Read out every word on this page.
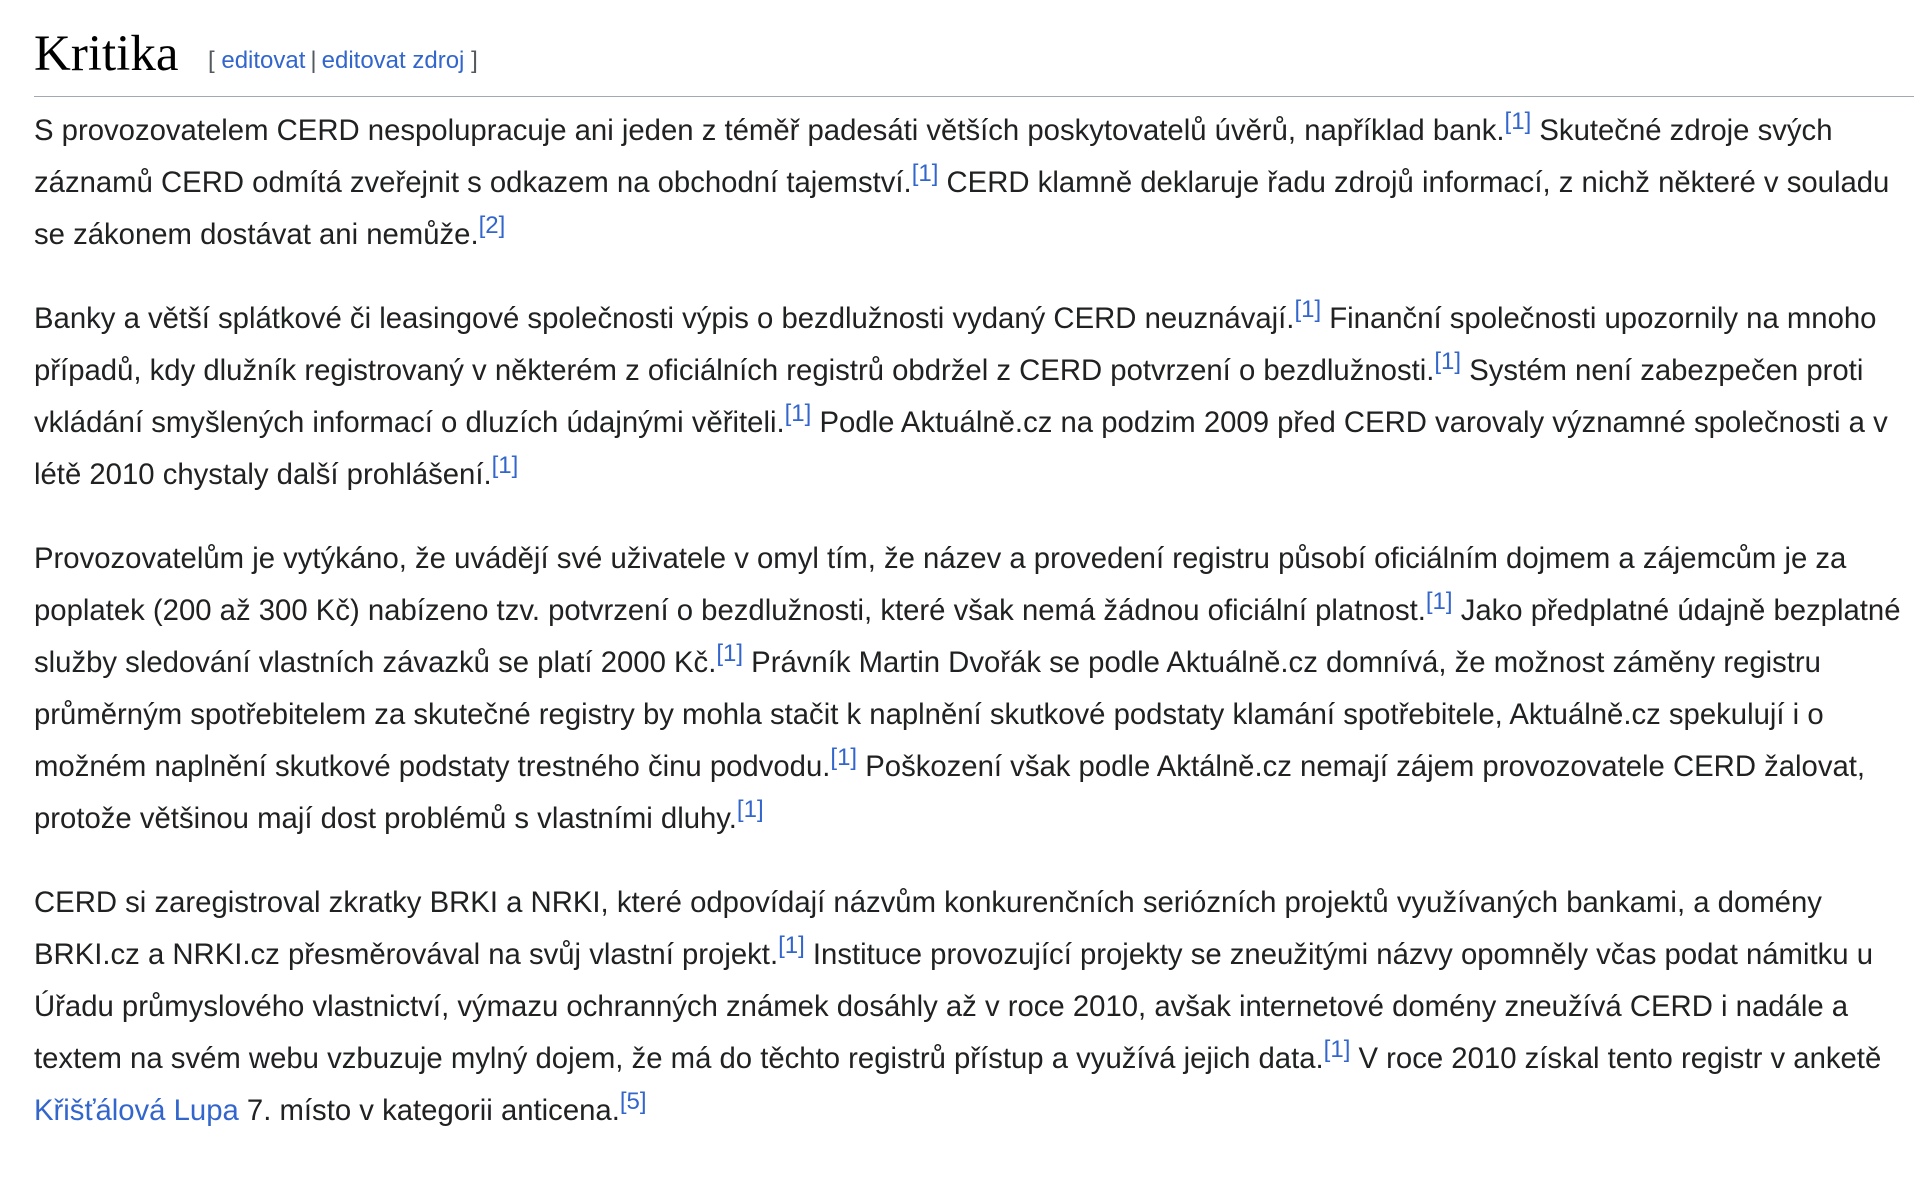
Kritika [ editovat | editovat zdroj ]

S provozovatelem CERD nespolupracuje ani jeden z téměř padesáti větších poskytovatelů úvěrů, například bank.[1] Skutečné zdroje svých záznamů CERD odmítá zveřejnit s odkazem na obchodní tajemství.[1] CERD klamně deklaruje řadu zdrojů informací, z nichž některé v souladu se zákonem dostávat ani nemůže.[2]

Banky a větší splátkové či leasingové společnosti výpis o bezdlužnosti vydaný CERD neuznávají.[1] Finanční společnosti upozornily na mnoho případů, kdy dlužník registrovaný v některém z oficiálních registrů obdržel z CERD potvrzení o bezdlužnosti.[1] Systém není zabezpečen proti vkládání smyšlených informací o dluzích údajnými věřiteli.[1] Podle Aktuálně.cz na podzim 2009 před CERD varovaly významné společnosti a v létě 2010 chystaly další prohlášení.[1]

Provozovatelům je vytýkáno, že uvádějí své uživatele v omyl tím, že název a provedení registru působí oficiálním dojmem a zájemcům je za poplatek (200 až 300 Kč) nabízeno tzv. potvrzení o bezdlužnosti, které však nemá žádnou oficiální platnost.[1] Jako předplatné údajně bezplatné služby sledování vlastních závazků se platí 2000 Kč.[1] Právník Martin Dvořák se podle Aktuálně.cz domnívá, že možnost záměny registru průměrným spotřebitelem za skutečné registry by mohla stačit k naplnění skutkové podstaty klamání spotřebitele, Aktuálně.cz spekulují i o možném naplnění skutkové podstaty trestného činu podvodu.[1] Poškození však podle Aktálně.cz nemají zájem provozovatele CERD žalovat, protože většinou mají dost problémů s vlastními dluhy.[1]

CERD si zaregistroval zkratky BRKI a NRKI, které odpovídají názvům konkurenčních seriózních projektů využívaných bankami, a domény BRKI.cz a NRKI.cz přesměrovával na svůj vlastní projekt.[1] Instituce provozující projekty se zneužitými názvy opomněly včas podat námitku u Úřadu průmyslového vlastnictví, výmazu ochranných známek dosáhly až v roce 2010, avšak internetové domény zneužívá CERD i nadále a textem na svém webu vzbuzuje mylný dojem, že má do těchto registrů přístup a využívá jejich data.[1] V roce 2010 získal tento registr v anketě Křišťálová Lupa 7. místo v kategorii anticena.[5]
